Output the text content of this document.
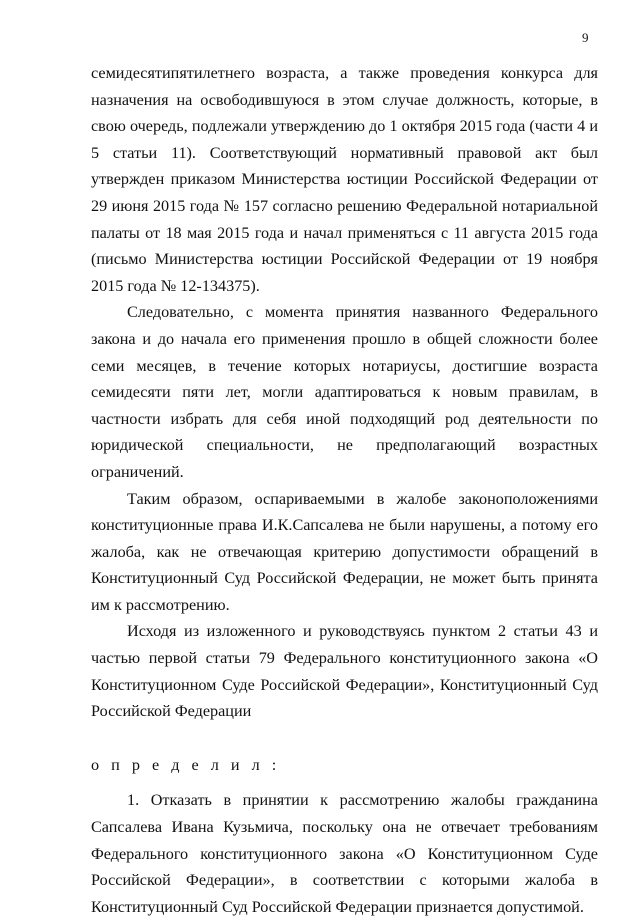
9

семидесятипятилетнего возраста, а также проведения конкурса для назначения на освободившуюся в этом случае должность, которые, в свою очередь, подлежали утверждению до 1 октября 2015 года (части 4 и 5 статьи 11). Соответствующий нормативный правовой акт был утвержден приказом Министерства юстиции Российской Федерации от 29 июня 2015 года № 157 согласно решению Федеральной нотариальной палаты от 18 мая 2015 года и начал применяться с 11 августа 2015 года (письмо Министерства юстиции Российской Федерации от 19 ноября 2015 года № 12-134375).

Следовательно, с момента принятия названного Федерального закона и до начала его применения прошло в общей сложности более семи месяцев, в течение которых нотариусы, достигшие возраста семидесяти пяти лет, могли адаптироваться к новым правилам, в частности избрать для себя иной подходящий род деятельности по юридической специальности, не предполагающий возрастных ограничений.

Таким образом, оспариваемыми в жалобе законоположениями конституционные права И.К.Сапсалева не были нарушены, а потому его жалоба, как не отвечающая критерию допустимости обращений в Конституционный Суд Российской Федерации, не может быть принята им к рассмотрению.

Исходя из изложенного и руководствуясь пунктом 2 статьи 43 и частью первой статьи 79 Федерального конституционного закона «О Конституционном Суде Российской Федерации», Конституционный Суд Российской Федерации

о п р е д е л и л :

1. Отказать в принятии к рассмотрению жалобы гражданина Сапсалева Ивана Кузьмича, поскольку она не отвечает требованиям Федерального конституционного закона «О Конституционном Суде Российской Федерации», в соответствии с которыми жалоба в Конституционный Суд Российской Федерации признается допустимой.
